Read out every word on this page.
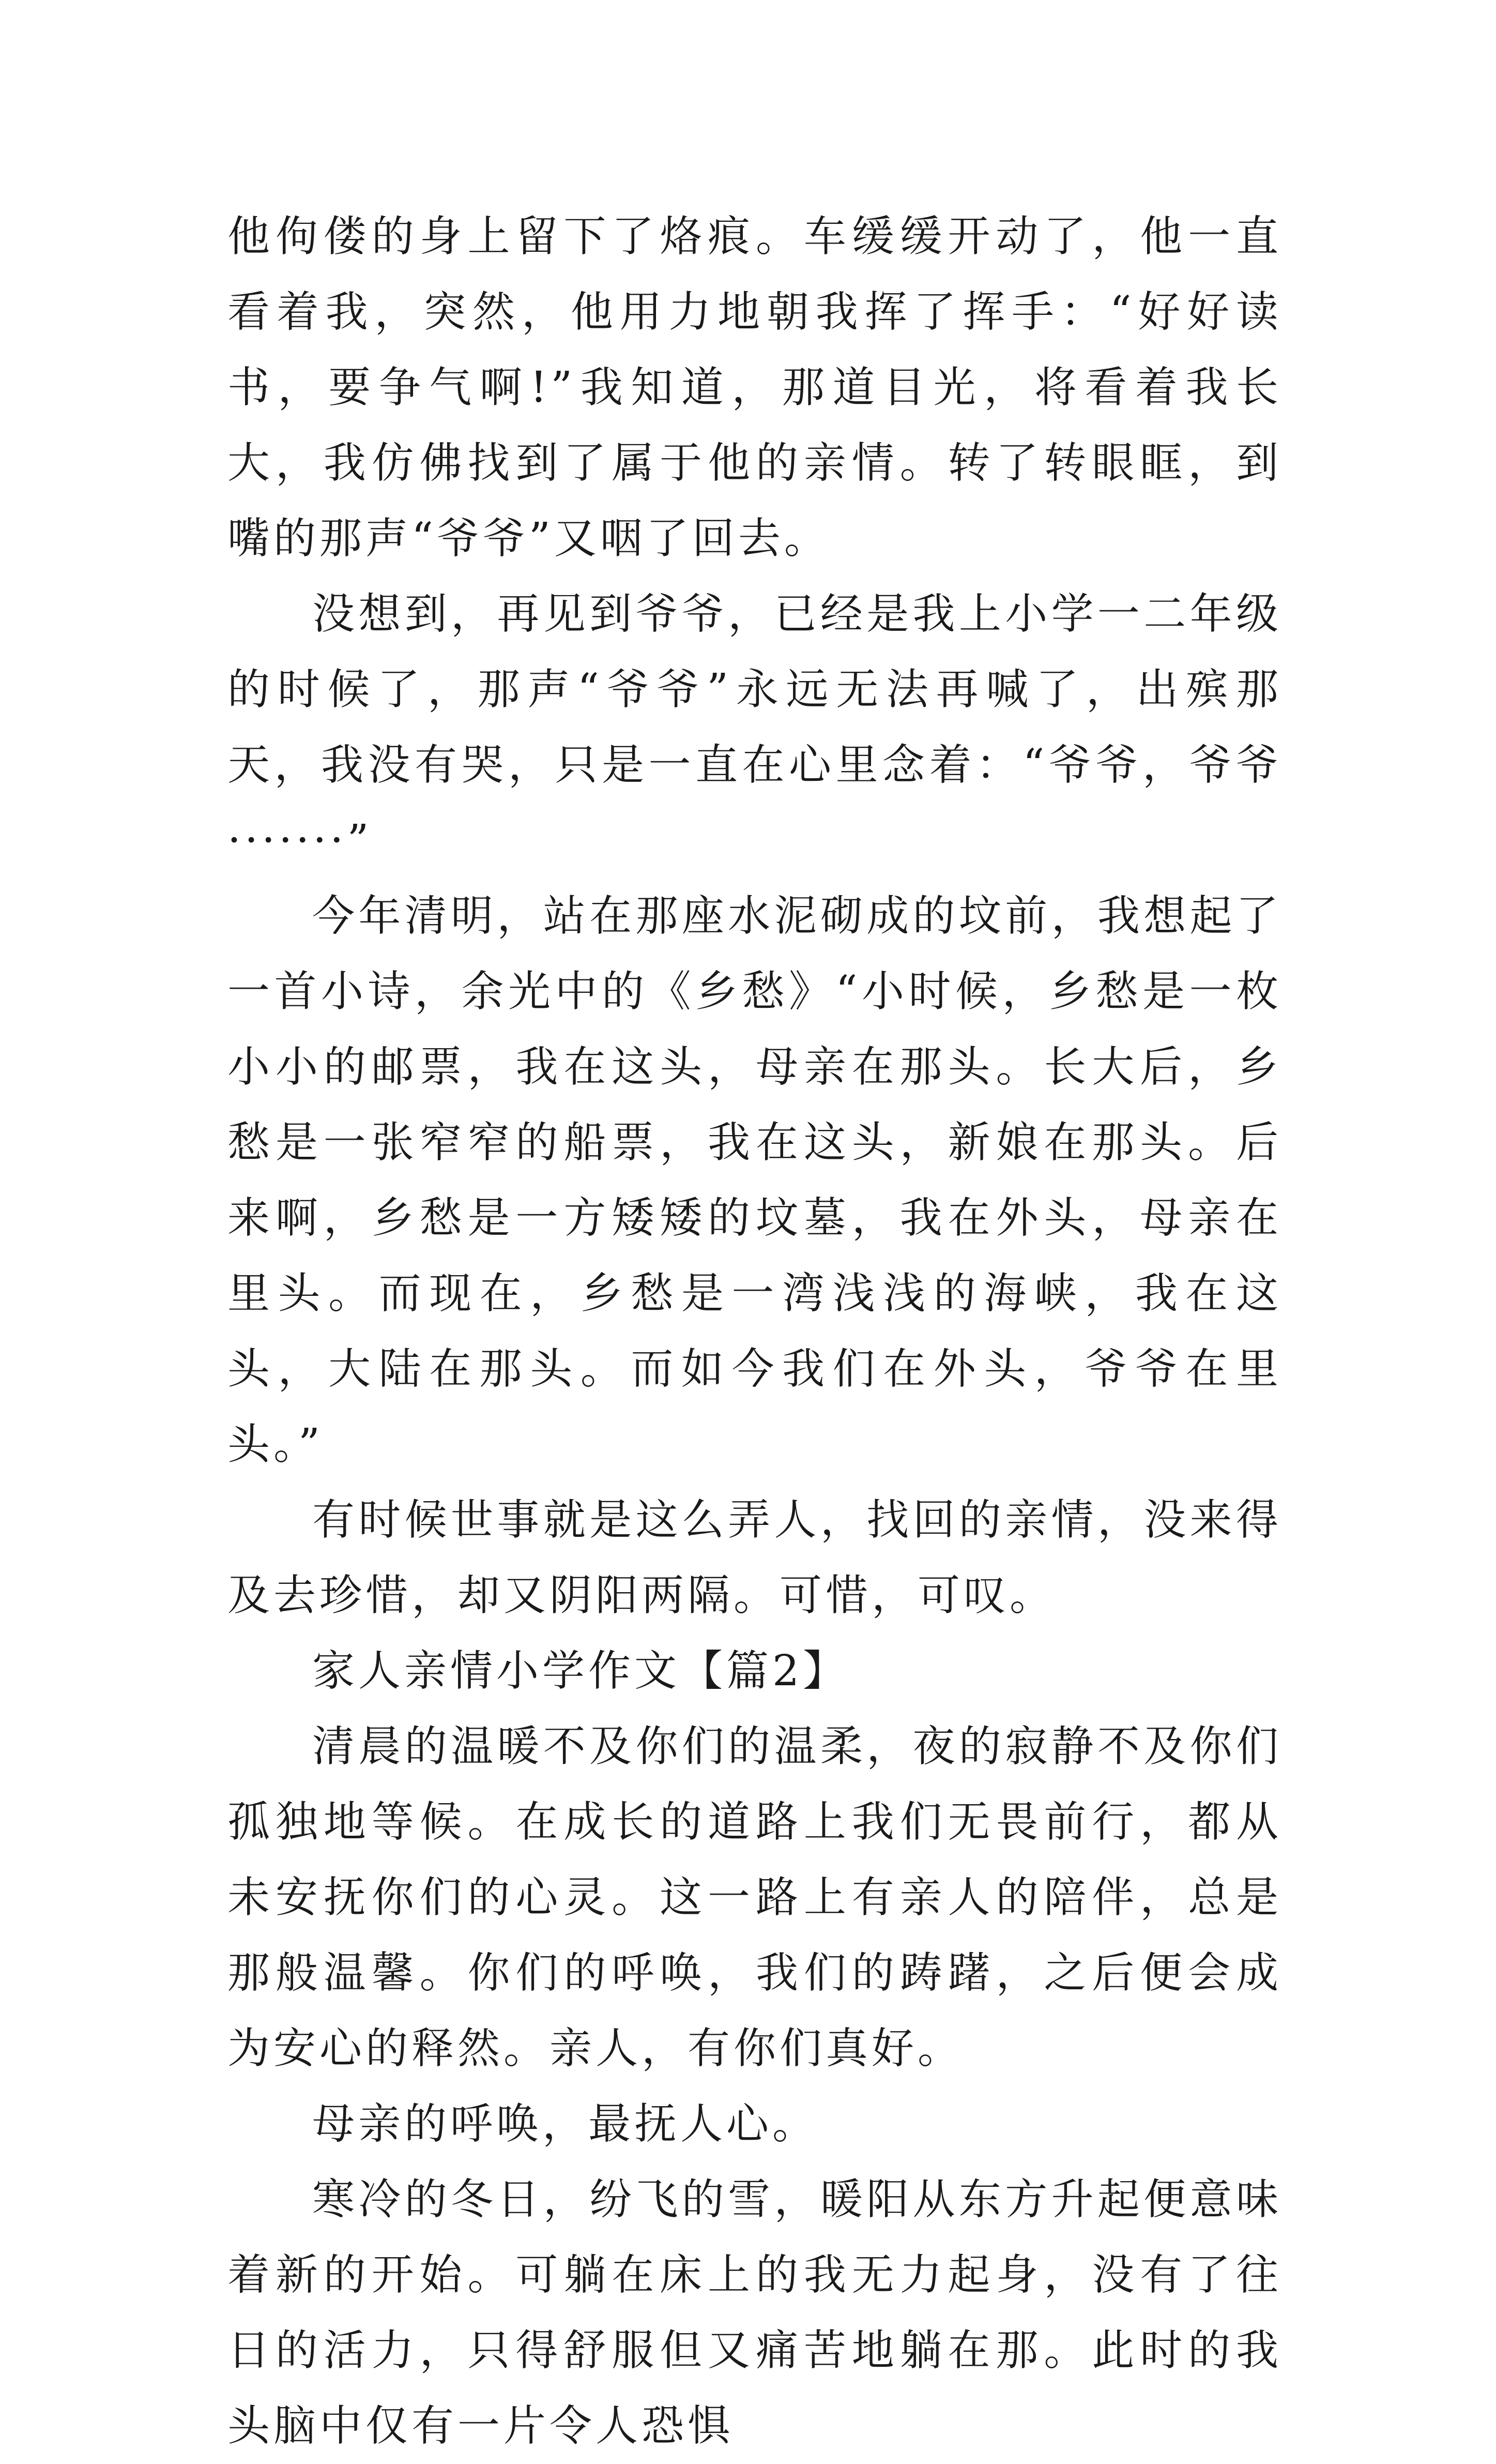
他佝偻的身上留下了烙痕。车缓缓开动了，他一直看着我，突然，他用力地朝我挥了挥手：“好好读书，要争气啊!”我知道，那道目光，将看着我长大，我仿佛找到了属于他的亲情。转了转眼眶，到嘴的那声“爷爷”又咽了回去。

没想到，再见到爷爷，已经是我上小学一二年级的时候了，那声“爷爷”永远无法再喊了，出殡那天，我没有哭，只是一直在心里念着：“爷爷，爷爷·······”

今年清明，站在那座水泥砌成的坟前，我想起了一首小诗，余光中的《乡愁》“小时候，乡愁是一枚小小的邮票，我在这头，母亲在那头。长大后，乡愁是一张窄窄的船票，我在这头，新娘在那头。后来啊，乡愁是一方矮矮的坟墓，我在外头，母亲在里头。而现在，乡愁是一湾浅浅的海峡，我在这头，大陆在那头。而如今我们在外头，爷爷在里头。”

有时候世事就是这么弄人，找回的亲情，没来得及去珍惜，却又阴阳两隔。可惜，可叹。

家人亲情小学作文【篇2】

清晨的温暖不及你们的温柔，夜的寂静不及你们孤独地等候。在成长的道路上我们无畏前行，都从未安抚你们的心灵。这一路上有亲人的陪伴，总是那般温馨。你们的呼唤，我们的踌躇，之后便会成为安心的释然。亲人，有你们真好。

母亲的呼唤，最抚人心。

寒冷的冬日，纷飞的雪，暖阳从东方升起便意味着新的开始。可躺在床上的我无力起身，没有了往日的活力，只得舒服但又痛苦地躺在那。此时的我头脑中仅有一片令人恐惧
